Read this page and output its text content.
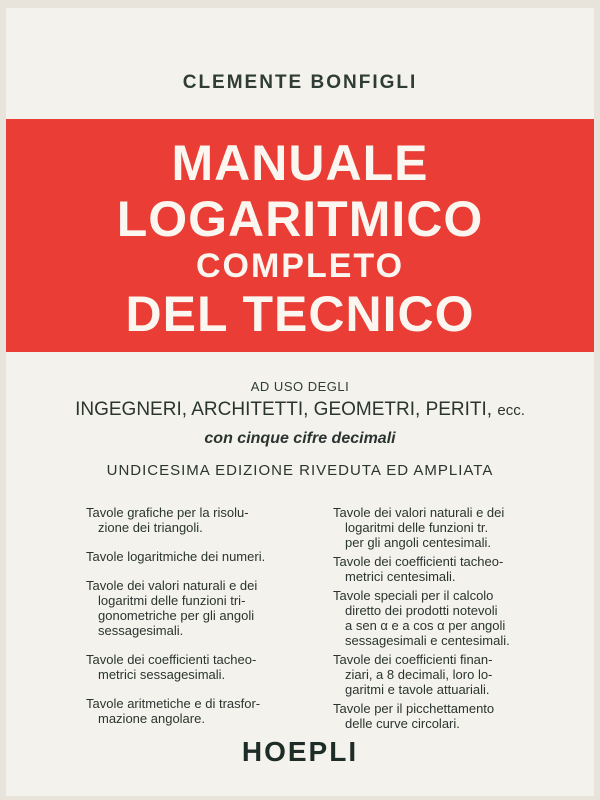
CLEMENTE BONFIGLI
MANUALE
LOGARITMICO
COMPLETO
DEL TECNICO
AD USO DEGLI
INGEGNERI, ARCHITETTI, GEOMETRI, PERITI, ecc.
con cinque cifre decimali
UNDICESIMA EDIZIONE RIVEDUTA ED AMPLIATA
Tavole grafiche per la risolu-
zione dei triangoli.
Tavole logaritmiche dei numeri.
Tavole dei valori naturali e dei
logaritmi delle funzioni tri-
gonometriche per gli angoli
sessagesimali.
Tavole dei coefficienti tacheo-
metrici sessagesimali.
Tavole aritmetiche e di trasfor-
mazione angolare.
Tavole dei valori naturali e dei
logaritmi delle funzioni tr.
per gli angoli centesimali.
Tavole dei coefficienti tacheo-
metrici centesimali.
Tavole speciali per il calcolo
diretto dei prodotti notevoli
a sen α e a cos α per angoli
sessagesimali e centesimali.
Tavole dei coefficienti finan-
ziari, a 8 decimali, loro lo-
garitmi e tavole attuariali.
Tavole per il picchettamento
delle curve circolari.
HOEPLI
